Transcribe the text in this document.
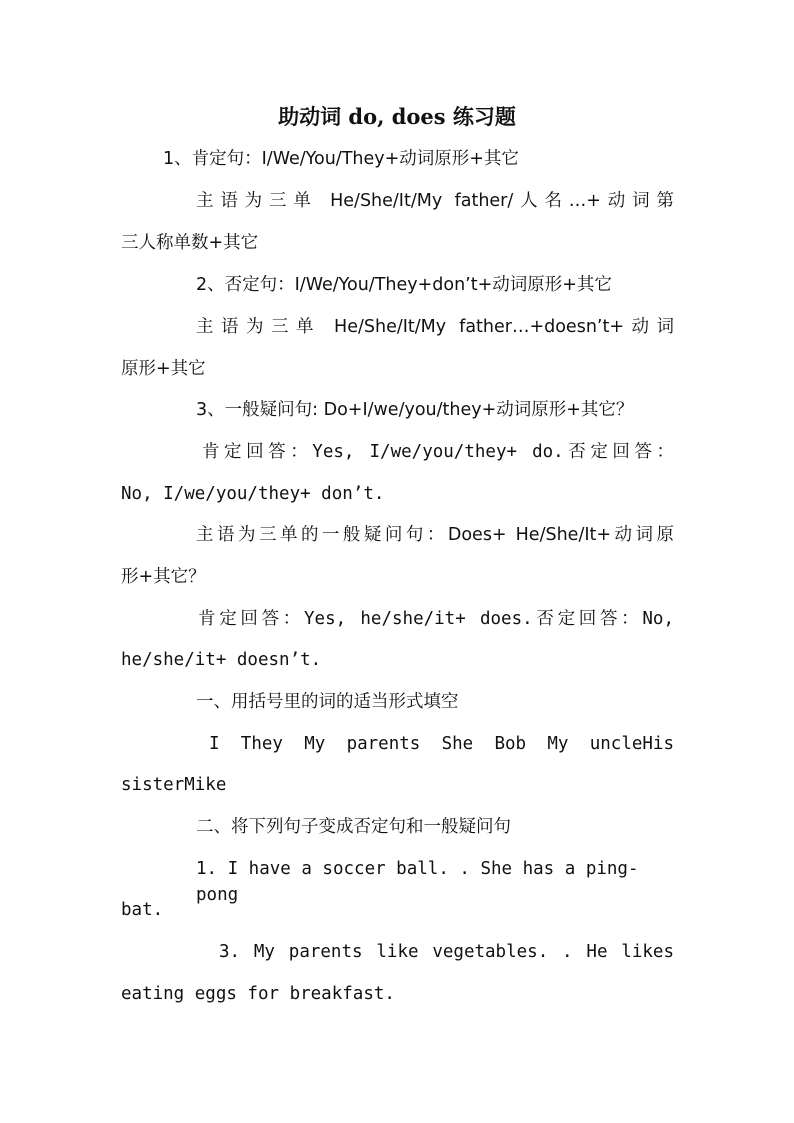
助动词 do, does 练习题

1、肯定句：I/We/You/They+动词原形+其它

主语为三单 He/She/It/My father/人名…+动词第

三人称单数+其它

2、否定句：I/We/You/They+don’t+动词原形+其它

主语为三单 He/She/It/My father…+doesn’t+动词

原形+其它

3、一般疑问句: Do+I/we/you/they+动词原形+其它？

肯定回答：Yes, I/we/you/they+ do.否定回答：

No, I/we/you/they+ don’t.

主语为三单的一般疑问句：Does+ He/She/It+动词原

形+其它？

肯定回答：Yes, he/she/it+ does.否定回答：No,

he/she/it+ doesn’t.

一、用括号里的词的适当形式填空

I They My parents She Bob My uncleHis

sisterMike

二、将下列句子变成否定句和一般疑问句

1. I have a soccer ball. . She has a ping-pong

bat.

3. My parents like vegetables. . He likes

eating eggs for breakfast.
